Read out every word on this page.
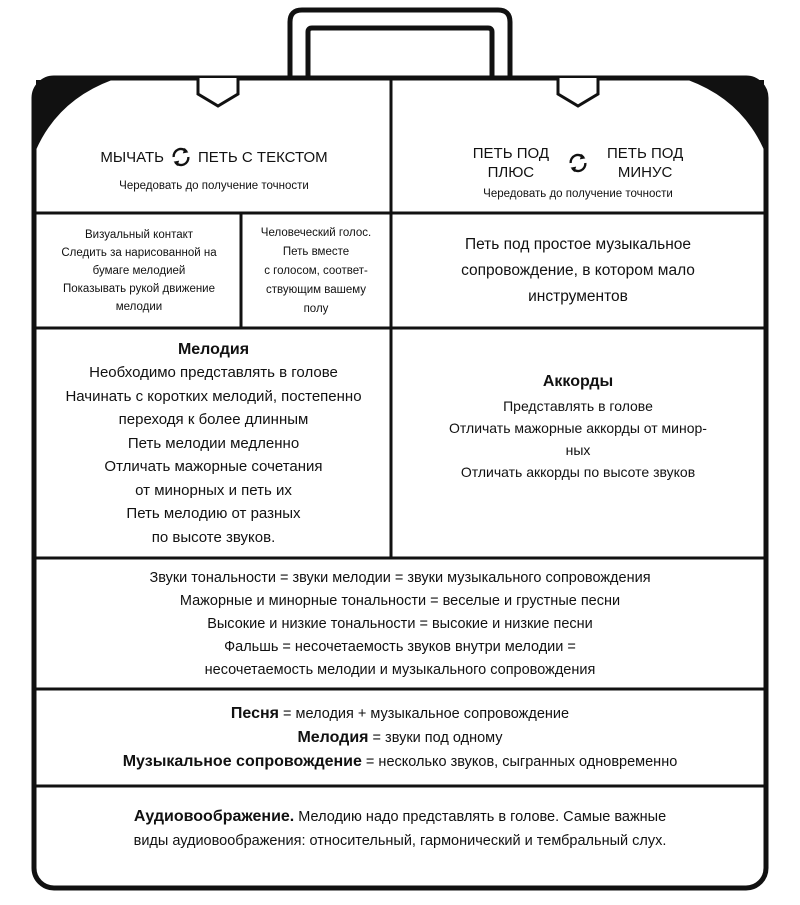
МЫЧАТЬ ПЕТЬ С ТЕКСТОМ
Чередовать до получение точности
ПЕТЬ ПОД
ПЛЮС
ПЕТЬ ПОД
МИНУС
Чередовать до получение точности
Визуальный контакт
Следить за нарисованной на
бумаге мелодией
Показывать рукой движение
мелодии
Человеческий голос.
Петь вместе
с голосом, соответ-
ствующим вашему
полу
Петь под простое музыкальное
сопровождение, в котором мало
инструментов
Мелодия
Необходимо представлять в голове
Начинать с коротких мелодий, постепенно
переходя к более длинным
Петь мелодии медленно
Отличать мажорные сочетания
от минорных и петь их
Петь мелодию от разных
по высоте звуков.
Аккорды
Представлять в голове
Отличать мажорные аккорды от минор-
ных
Отличать аккорды по высоте звуков
Звуки тональности = звуки мелодии = звуки музыкального сопровождения
Мажорные и минорные тональности = веселые и грустные песни
Высокие и низкие тональности = высокие и низкие песни
Фальшь = несочетаемость звуков внутри мелодии =
несочетаемость мелодии и музыкального сопровождения
Песня = мелодия + музыкальное сопровождение
Мелодия = звуки под одному
Музыкальное сопровождение = несколько звуков, сыгранных одновременно
Аудиовоображение. Мелодию надо представлять в голове. Самые важные
виды аудиовоображения: относительный, гармонический и тембральный слух.
